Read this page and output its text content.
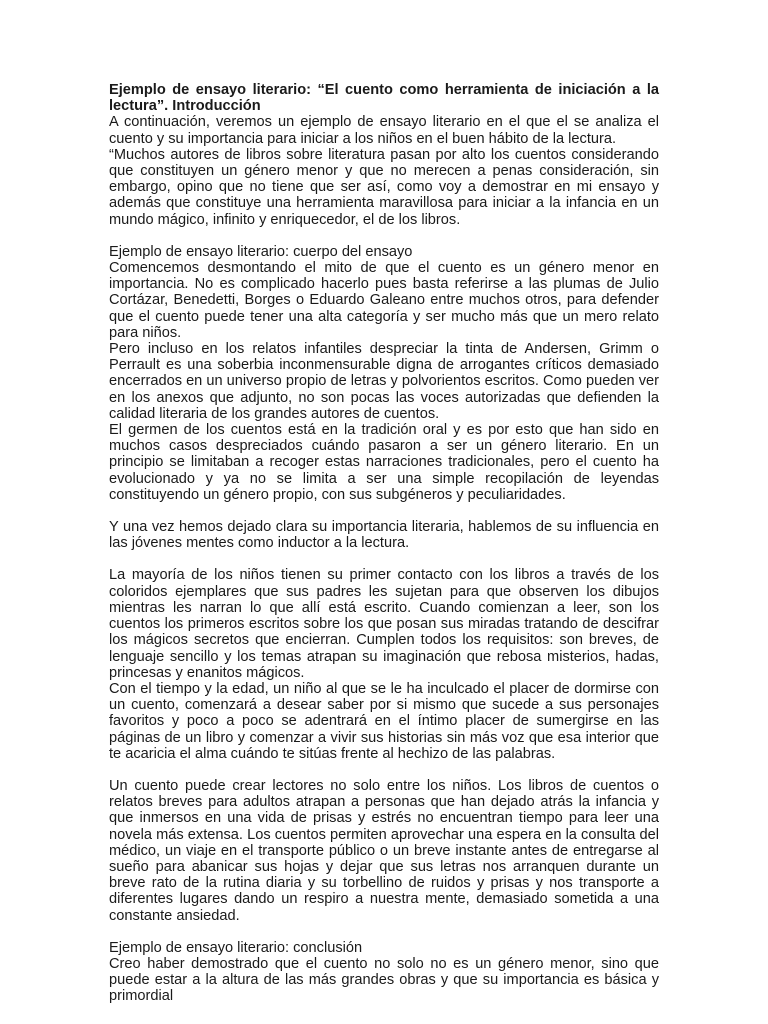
Ejemplo de ensayo literario: “El cuento como herramienta de iniciación a la lectura”. Introducción

A continuación, veremos un ejemplo de ensayo literario en el que el se analiza el cuento y su importancia para iniciar a los niños en el buen hábito de la lectura.

“Muchos autores de libros sobre literatura pasan por alto los cuentos considerando que constituyen un género menor y que no merecen a penas consideración, sin embargo, opino que no tiene que ser así, como voy a demostrar en mi ensayo y además que constituye una herramienta maravillosa para iniciar a la infancia en un mundo mágico, infinito y enriquecedor, el de los libros.

Ejemplo de ensayo literario: cuerpo del ensayo

Comencemos desmontando el mito de que el cuento es un género menor en importancia. No es complicado hacerlo pues basta referirse a las plumas de Julio Cortázar, Benedetti, Borges o Eduardo Galeano entre muchos otros, para defender que el cuento puede tener una alta categoría y ser mucho más que un mero relato para niños.

Pero incluso en los relatos infantiles despreciar la tinta de Andersen, Grimm o Perrault es una soberbia inconmensurable digna de arrogantes críticos demasiado encerrados en un universo propio de letras y polvorientos escritos. Como pueden ver en los anexos que adjunto, no son pocas las voces autorizadas que defienden la calidad literaria de los grandes autores de cuentos.

El germen de los cuentos está en la tradición oral y es por esto que han sido en muchos casos despreciados cuándo pasaron a ser un género literario. En un principio se limitaban a recoger estas narraciones tradicionales, pero el cuento ha evolucionado y ya no se limita a ser una simple recopilación de leyendas constituyendo un género propio, con sus subgéneros y peculiaridades.

Y una vez hemos dejado clara su importancia literaria, hablemos de su influencia en las jóvenes mentes como inductor a la lectura.

La mayoría de los niños tienen su primer contacto con los libros a través de los coloridos ejemplares que sus padres les sujetan para que observen los dibujos mientras les narran lo que allí está escrito. Cuando comienzan a leer, son los cuentos los primeros escritos sobre los que posan sus miradas tratando de descifrar los mágicos secretos que encierran. Cumplen todos los requisitos: son breves, de lenguaje sencillo y los temas atrapan su imaginación que rebosa misterios, hadas, princesas y enanitos mágicos.

Con el tiempo y la edad, un niño al que se le ha inculcado el placer de dormirse con un cuento, comenzará a desear saber por si mismo que sucede a sus personajes favoritos y poco a poco se adentrará en el íntimo placer de sumergirse en las páginas de un libro y comenzar a vivir sus historias sin más voz que esa interior que te acaricia el alma cuándo te sitúas frente al hechizo de las palabras.

Un cuento puede crear lectores no solo entre los niños. Los libros de cuentos o relatos breves para adultos atrapan a personas que han dejado atrás la infancia y que inmersos en una vida de prisas y estrés no encuentran tiempo para leer una novela más extensa. Los cuentos permiten aprovechar una espera en la consulta del médico, un viaje en el transporte público o un breve instante antes de entregarse al sueño para abanicar sus hojas y dejar que sus letras nos arranquen durante un breve rato de la rutina diaria y su torbellino de ruidos y prisas y nos transporte a diferentes lugares dando un respiro a nuestra mente, demasiado sometida a una constante ansiedad.

Ejemplo de ensayo literario: conclusión

Creo haber demostrado que el cuento no solo no es un género menor, sino que puede estar a la altura de las más grandes obras y que su importancia es básica y primordial
